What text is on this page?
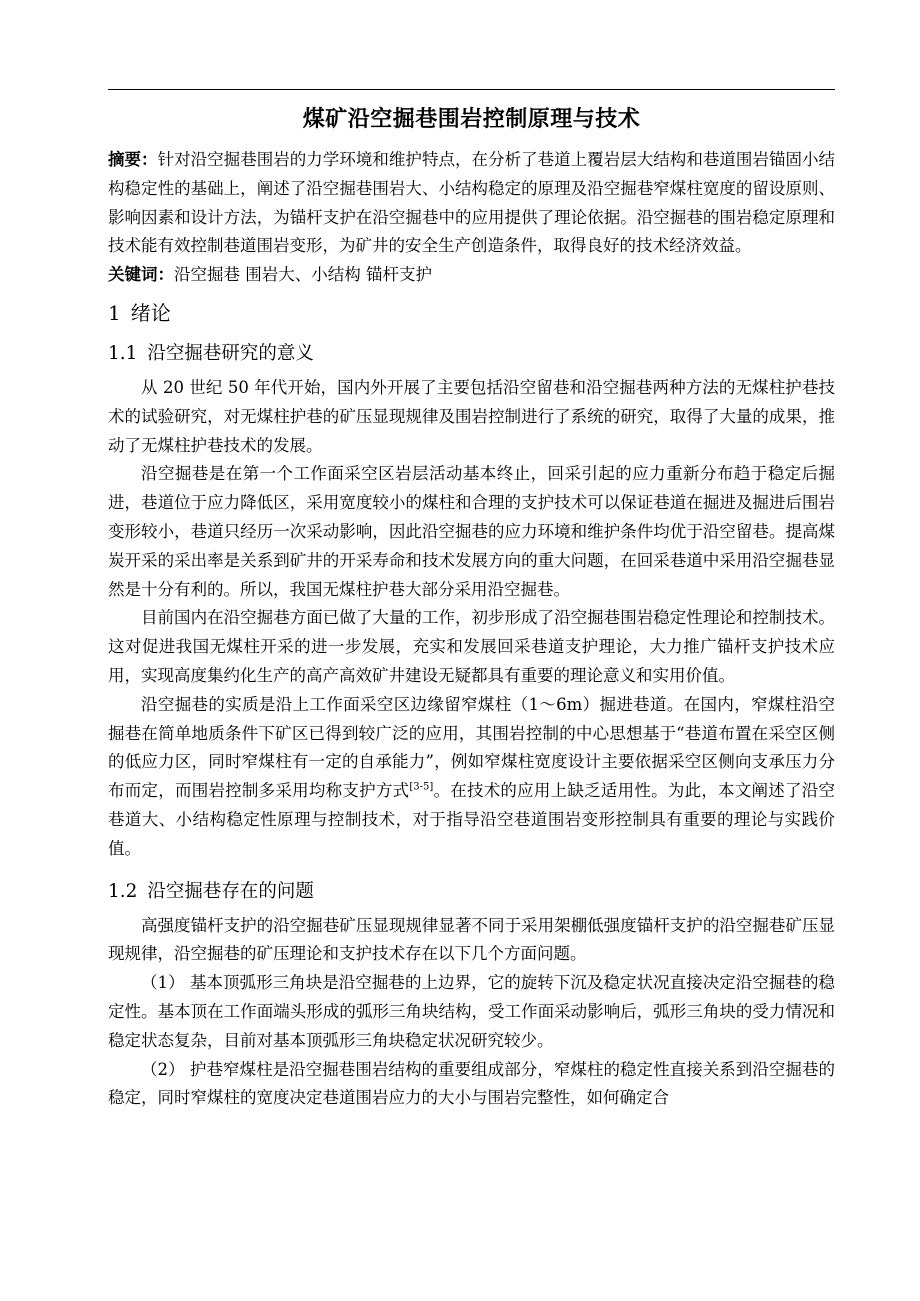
煤矿沿空掘巷围岩控制原理与技术

摘要：针对沿空掘巷围岩的力学环境和维护特点，在分析了巷道上覆岩层大结构和巷道围岩锚固小结构稳定性的基础上，阐述了沿空掘巷围岩大、小结构稳定的原理及沿空掘巷窄煤柱宽度的留设原则、影响因素和设计方法，为锚杆支护在沿空掘巷中的应用提供了理论依据。沿空掘巷的围岩稳定原理和技术能有效控制巷道围岩变形，为矿井的安全生产创造条件，取得良好的技术经济效益。

关键词：沿空掘巷 围岩大、小结构 锚杆支护

1 绪论
1.1 沿空掘巷研究的意义

从 20 世纪 50 年代开始，国内外开展了主要包括沿空留巷和沿空掘巷两种方法的无煤柱护巷技术的试验研究，对无煤柱护巷的矿压显现规律及围岩控制进行了系统的研究，取得了大量的成果，推动了无煤柱护巷技术的发展。

沿空掘巷是在第一个工作面采空区岩层活动基本终止，回采引起的应力重新分布趋于稳定后掘进，巷道位于应力降低区，采用宽度较小的煤柱和合理的支护技术可以保证巷道在掘进及掘进后围岩变形较小，巷道只经历一次采动影响，因此沿空掘巷的应力环境和维护条件均优于沿空留巷。提高煤炭开采的采出率是关系到矿井的开采寿命和技术发展方向的重大问题，在回采巷道中采用沿空掘巷显然是十分有利的。所以，我国无煤柱护巷大部分采用沿空掘巷。

目前国内在沿空掘巷方面已做了大量的工作，初步形成了沿空掘巷围岩稳定性理论和控制技术。这对促进我国无煤柱开采的进一步发展，充实和发展回采巷道支护理论，大力推广锚杆支护技术应用，实现高度集约化生产的高产高效矿井建设无疑都具有重要的理论意义和实用价值。

沿空掘巷的实质是沿上工作面采空区边缘留窄煤柱（1～6m）掘进巷道。在国内，窄煤柱沿空掘巷在简单地质条件下矿区已得到较广泛的应用，其围岩控制的中心思想基于“巷道布置在采空区侧的低应力区，同时窄煤柱有一定的自承能力”，例如窄煤柱宽度设计主要依据采空区侧向支承压力分布而定，而围岩控制多采用均称支护方式[3-5]。在技术的应用上缺乏适用性。为此，本文阐述了沿空巷道大、小结构稳定性原理与控制技术，对于指导沿空巷道围岩变形控制具有重要的理论与实践价值。

1.2 沿空掘巷存在的问题

高强度锚杆支护的沿空掘巷矿压显现规律显著不同于采用架棚低强度锚杆支护的沿空掘巷矿压显现规律，沿空掘巷的矿压理论和支护技术存在以下几个方面问题。

（1） 基本顶弧形三角块是沿空掘巷的上边界，它的旋转下沉及稳定状况直接决定沿空掘巷的稳定性。基本顶在工作面端头形成的弧形三角块结构，受工作面采动影响后，弧形三角块的受力情况和稳定状态复杂，目前对基本顶弧形三角块稳定状况研究较少。

（2） 护巷窄煤柱是沿空掘巷围岩结构的重要组成部分，窄煤柱的稳定性直接关系到沿空掘巷的稳定，同时窄煤柱的宽度决定巷道围岩应力的大小与围岩完整性，如何确定合
